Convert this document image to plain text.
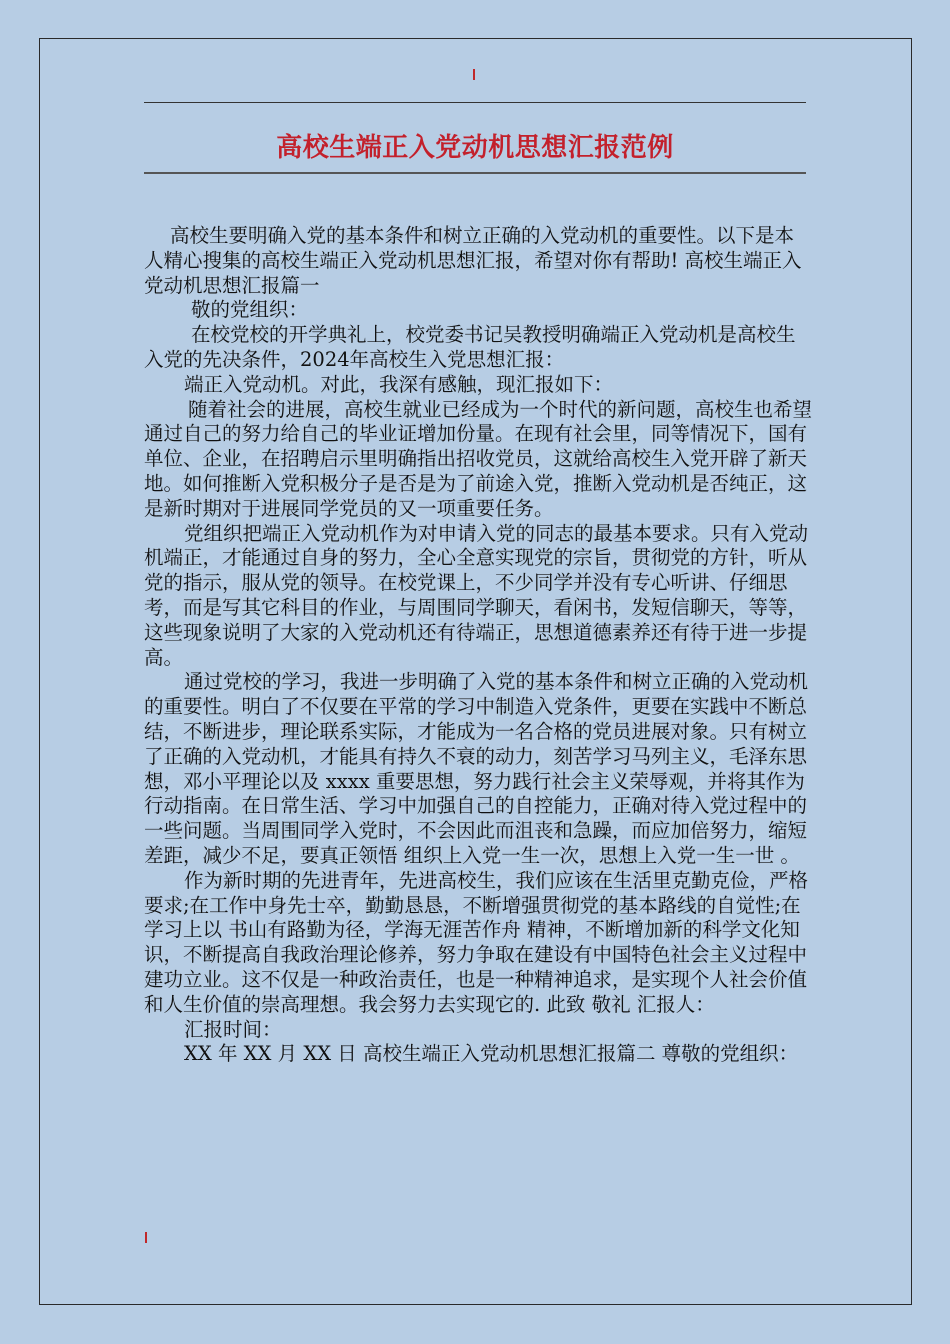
高校生端正入党动机思想汇报范例

高校生要明确入党的基本条件和树立正确的入党动机的重要性。以下是本人精心搜集的高校生端正入党动机思想汇报，希望对你有帮助! 高校生端正入党动机思想汇报篇一

敬的党组织：

在校党校的开学典礼上，校党委书记吴教授明确端正入党动机是高校生入党的先决条件，2024年高校生入党思想汇报：

端正入党动机。对此，我深有感触，现汇报如下：

随着社会的进展，高校生就业已经成为一个时代的新问题，高校生也希望通过自己的努力给自己的毕业证增加份量。在现有社会里，同等情况下，国有单位、企业，在招聘启示里明确指出招收党员，这就给高校生入党开辟了新天地。如何推断入党积极分子是否是为了前途入党，推断入党动机是否纯正，这是新时期对于进展同学党员的又一项重要任务。

党组织把端正入党动机作为对申请入党的同志的最基本要求。只有入党动机端正，才能通过自身的努力，全心全意实现党的宗旨，贯彻党的方针，听从党的指示，服从党的领导。在校党课上，不少同学并没有专心听讲、仔细思考，而是写其它科目的作业，与周围同学聊天，看闲书，发短信聊天，等等，这些现象说明了大家的入党动机还有待端正，思想道德素养还有待于进一步提高。

通过党校的学习，我进一步明确了入党的基本条件和树立正确的入党动机的重要性。明白了不仅要在平常的学习中制造入党条件，更要在实践中不断总结，不断进步，理论联系实际，才能成为一名合格的党员进展对象。只有树立了正确的入党动机，才能具有持久不衰的动力，刻苦学习马列主义，毛泽东思想，邓小平理论以及 xxxx 重要思想，努力践行社会主义荣辱观，并将其作为行动指南。在日常生活、学习中加强自己的自控能力，正确对待入党过程中的一些问题。当周围同学入党时，不会因此而沮丧和急躁，而应加倍努力，缩短差距，减少不足，要真正领悟 组织上入党一生一次，思想上入党一生一世 。

作为新时期的先进青年，先进高校生，我们应该在生活里克勤克俭，严格要求;在工作中身先士卒，勤勤恳恳，不断增强贯彻党的基本路线的自觉性;在学习上以 书山有路勤为径，学海无涯苦作舟 精神，不断增加新的科学文化知识，不断提高自我政治理论修养，努力争取在建设有中国特色社会主义过程中建功立业。这不仅是一种政治责任，也是一种精神追求，是实现个人社会价值和人生价值的崇高理想。我会努力去实现它的. 此致 敬礼 汇报人：

汇报时间：

XX 年 XX 月 XX 日 高校生端正入党动机思想汇报篇二 尊敬的党组织：
